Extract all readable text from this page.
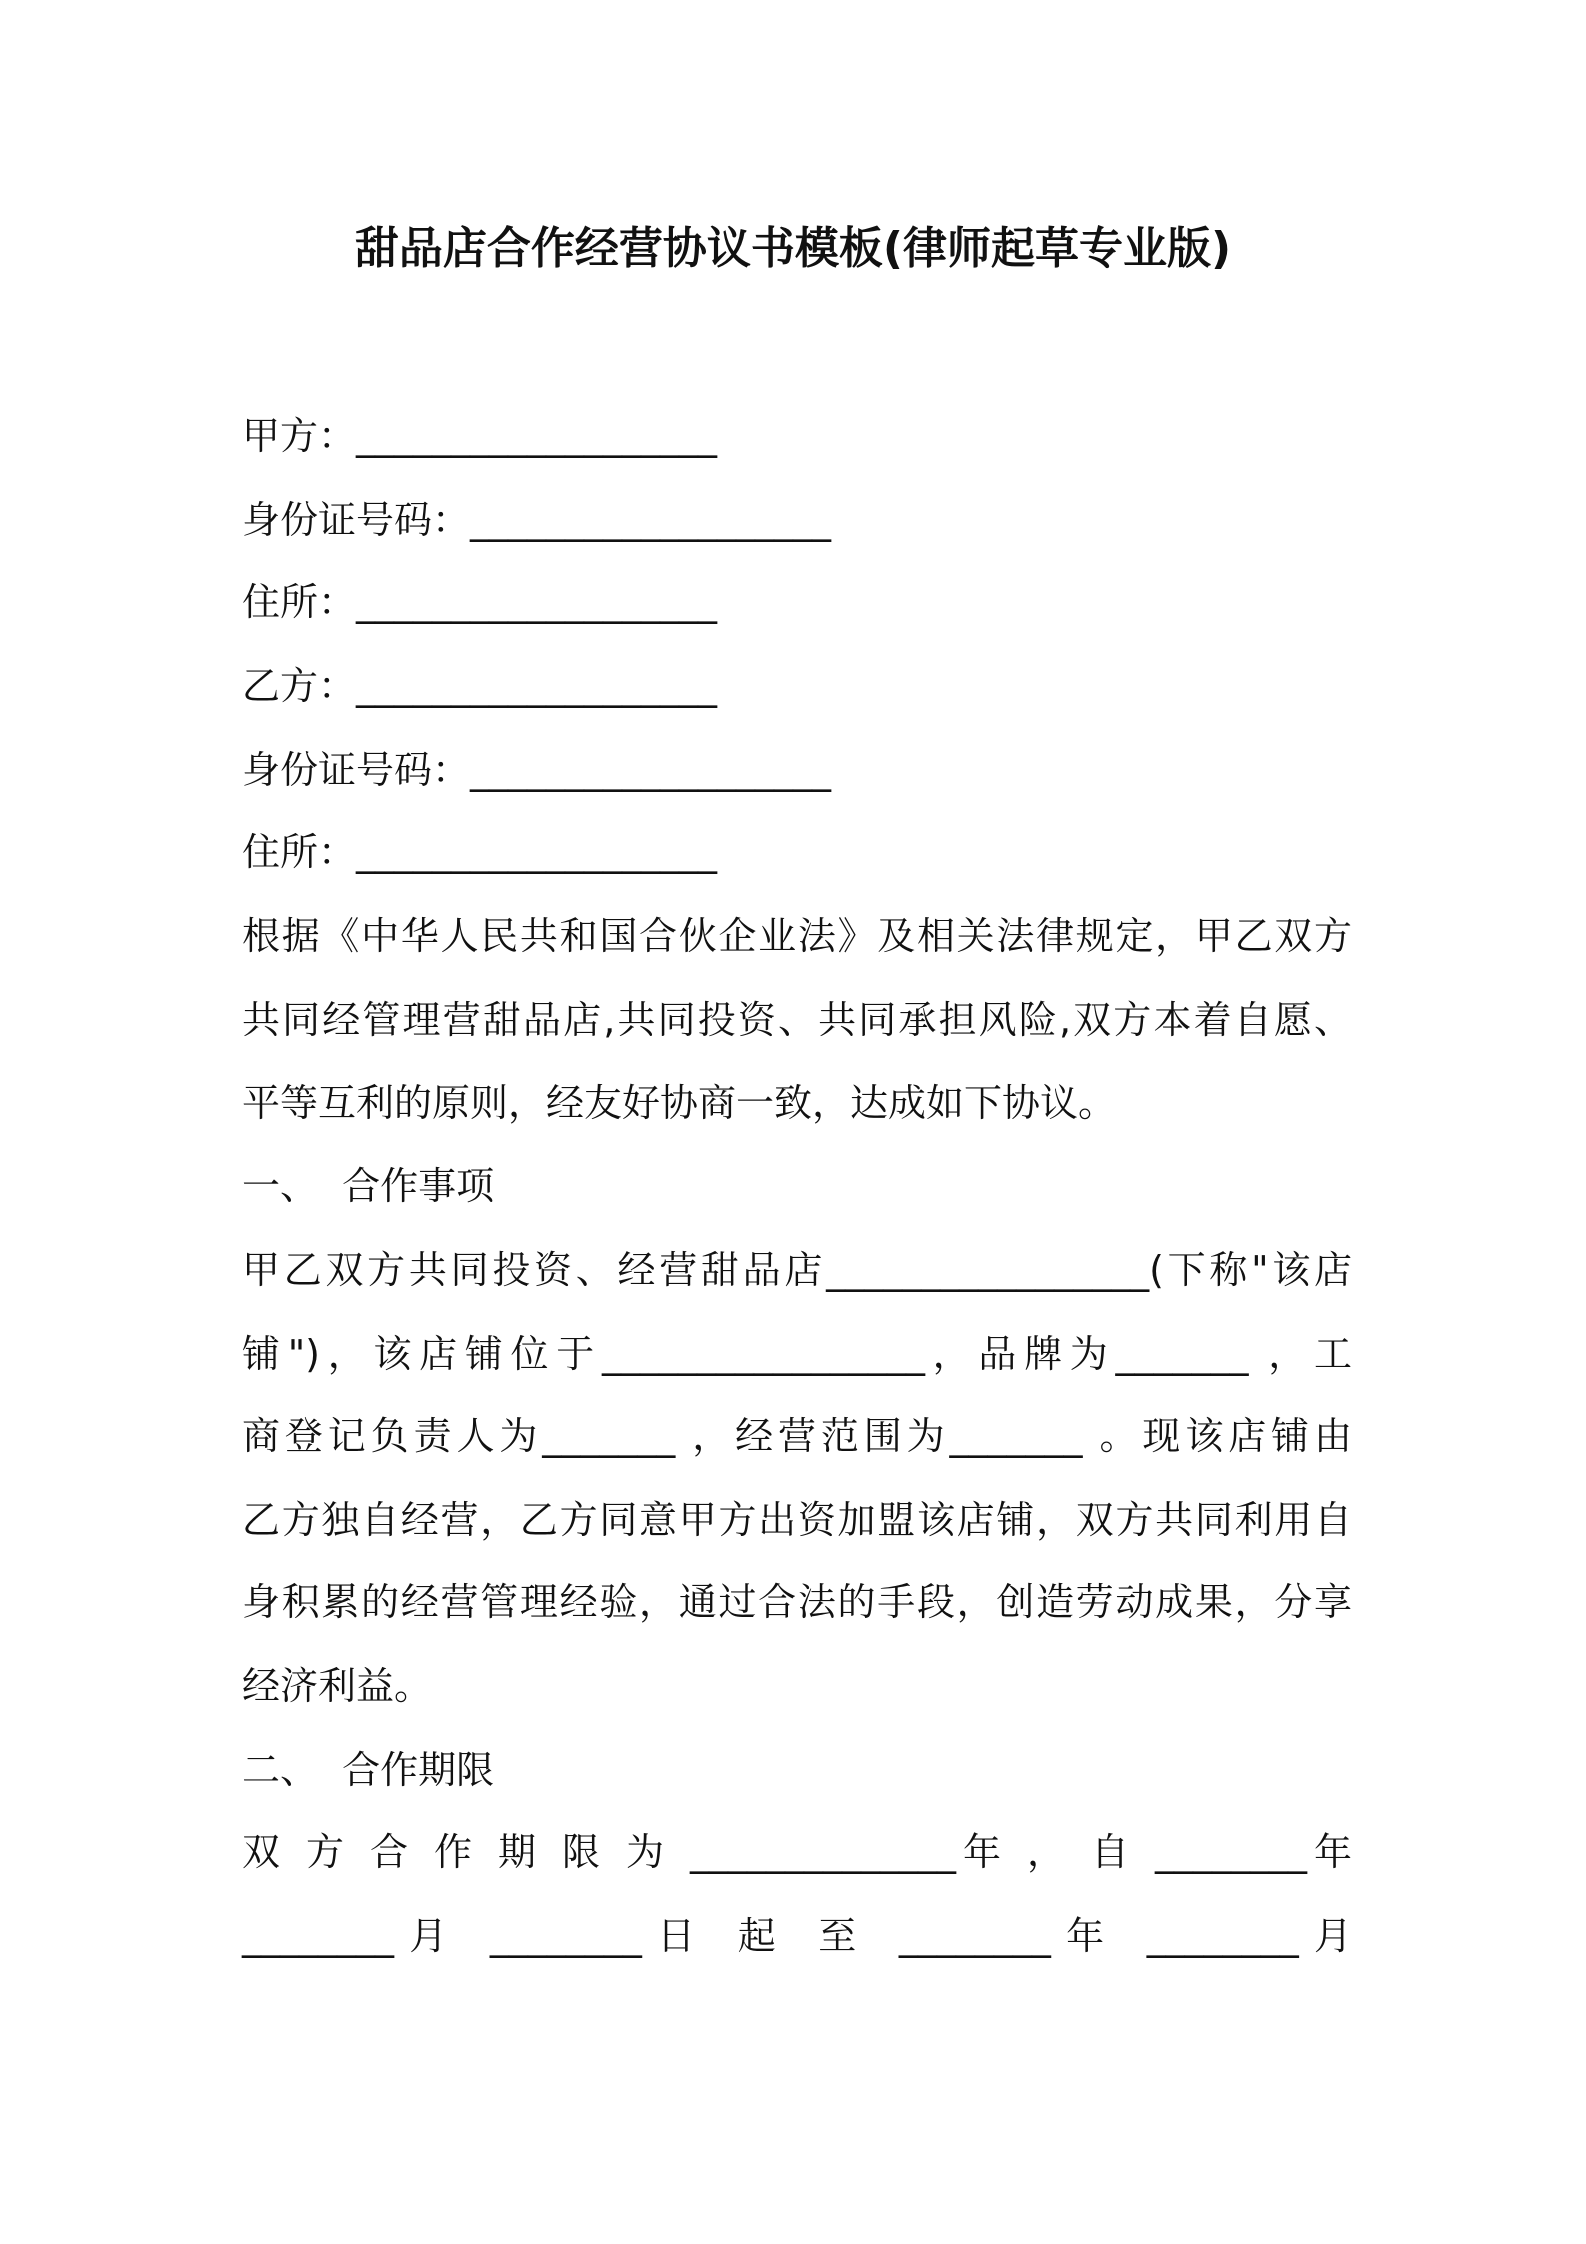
甜品店合作经营协议书模板(律师起草专业版)
甲方：___________________
身份证号码：___________________
住所：___________________
乙方：___________________
身份证号码：___________________
住所：___________________
根据《中华人民共和国合伙企业法》及相关法律规定，甲乙双方
共同经管理营甜品店,共同投资、共同承担风险,双方本着自愿、
平等互利的原则，经友好协商一致，达成如下协议。
一、  合作事项
甲乙双方共同投资、经营甜品店_________________(下称"该店
铺")，该店铺位于_________________，品牌为_______ ，工
商登记负责人为_______ ，经营范围为_______ 。现该店铺由
乙方独自经营，乙方同意甲方出资加盟该店铺，双方共同利用自
身积累的经营管理经验，通过合法的手段，创造劳动成果，分享
经济利益。
二、  合作期限
双 方 合 作 期 限 为 ______________年 ， 自 ________年
________月 ________日 起 至 ________年 ________月
